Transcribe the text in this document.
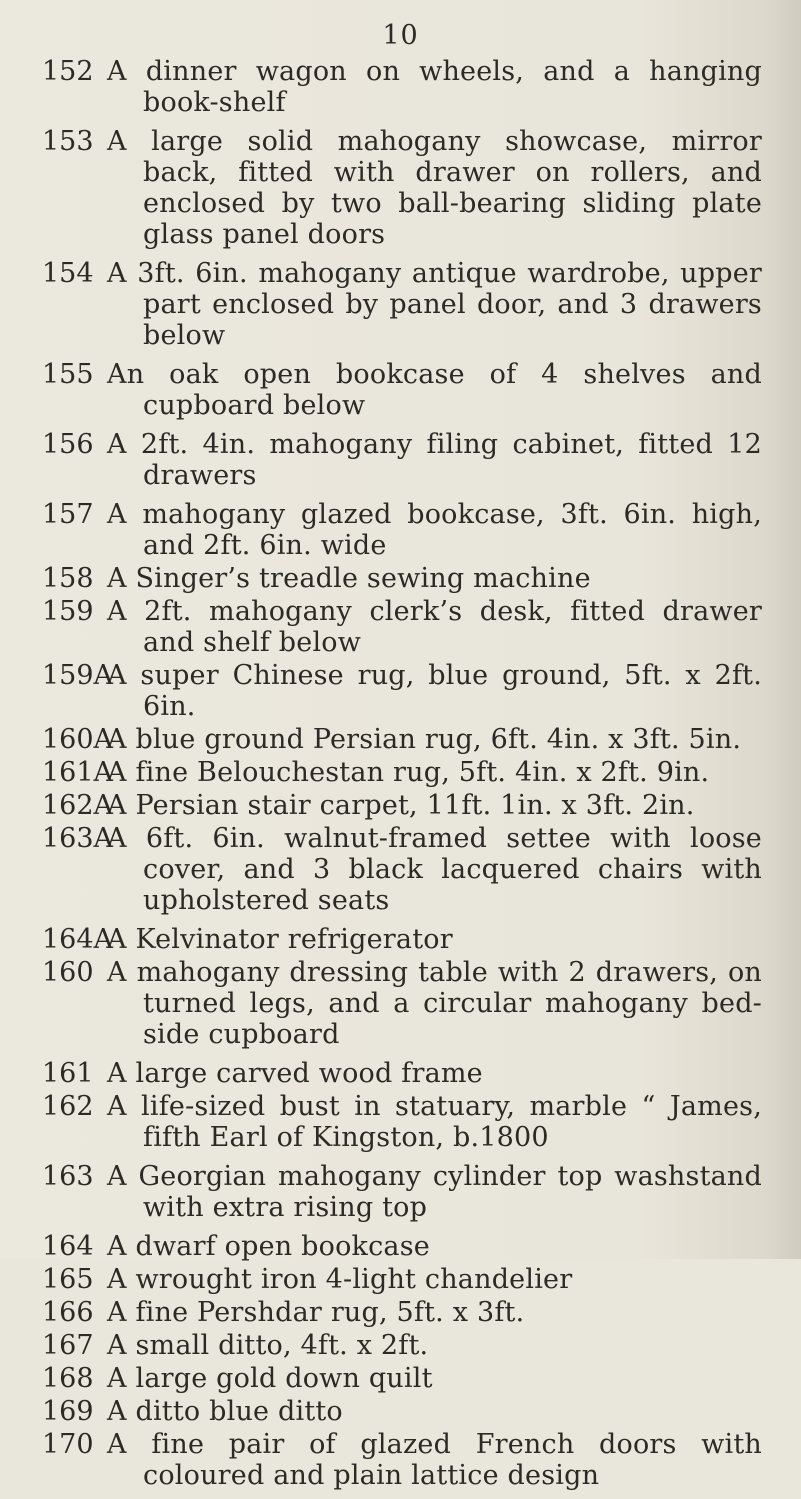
10
152 A dinner wagon on wheels, and a hanging book-shelf
153 A large solid mahogany showcase, mirror back, fitted with drawer on rollers, and enclosed by two ball-bearing sliding plate glass panel doors
154 A 3ft. 6in. mahogany antique wardrobe, upper part enclosed by panel door, and 3 drawers below
155 An oak open bookcase of 4 shelves and cupboard below
156 A 2ft. 4in. mahogany filing cabinet, fitted 12 drawers
157 A mahogany glazed bookcase, 3ft. 6in. high, and 2ft. 6in. wide
158 A Singer’s treadle sewing machine
159 A 2ft. mahogany clerk’s desk, fitted drawer and shelf below
159A
A super Chinese rug, blue ground, 5ft. x 2ft. 6in.
160A
A blue ground Persian rug, 6ft. 4in. x 3ft. 5in.
161A
A fine Belouchestan rug, 5ft. 4in. x 2ft. 9in.
162A
A Persian stair carpet, 11ft. 1in. x 3ft. 2in.
163A
A 6ft. 6in. walnut-framed settee with loose cover, and 3 black lacquered chairs with upholstered seats
164A
A Kelvinator refrigerator
160 A mahogany dressing table with 2 drawers, on turned legs, and a circular mahogany bed-side cupboard
161 A large carved wood frame
162 A life-sized bust in statuary, marble “ James, fifth Earl of Kingston, b.1800
163 A Georgian mahogany cylinder top washstand with extra rising top
164 A dwarf open bookcase
165 A wrought iron 4-light chandelier
166 A fine Pershdar rug, 5ft. x 3ft.
167 A small ditto, 4ft. x 2ft.
168 A large gold down quilt
169 A ditto blue ditto
170 A fine pair of glazed French doors with coloured and plain lattice design
